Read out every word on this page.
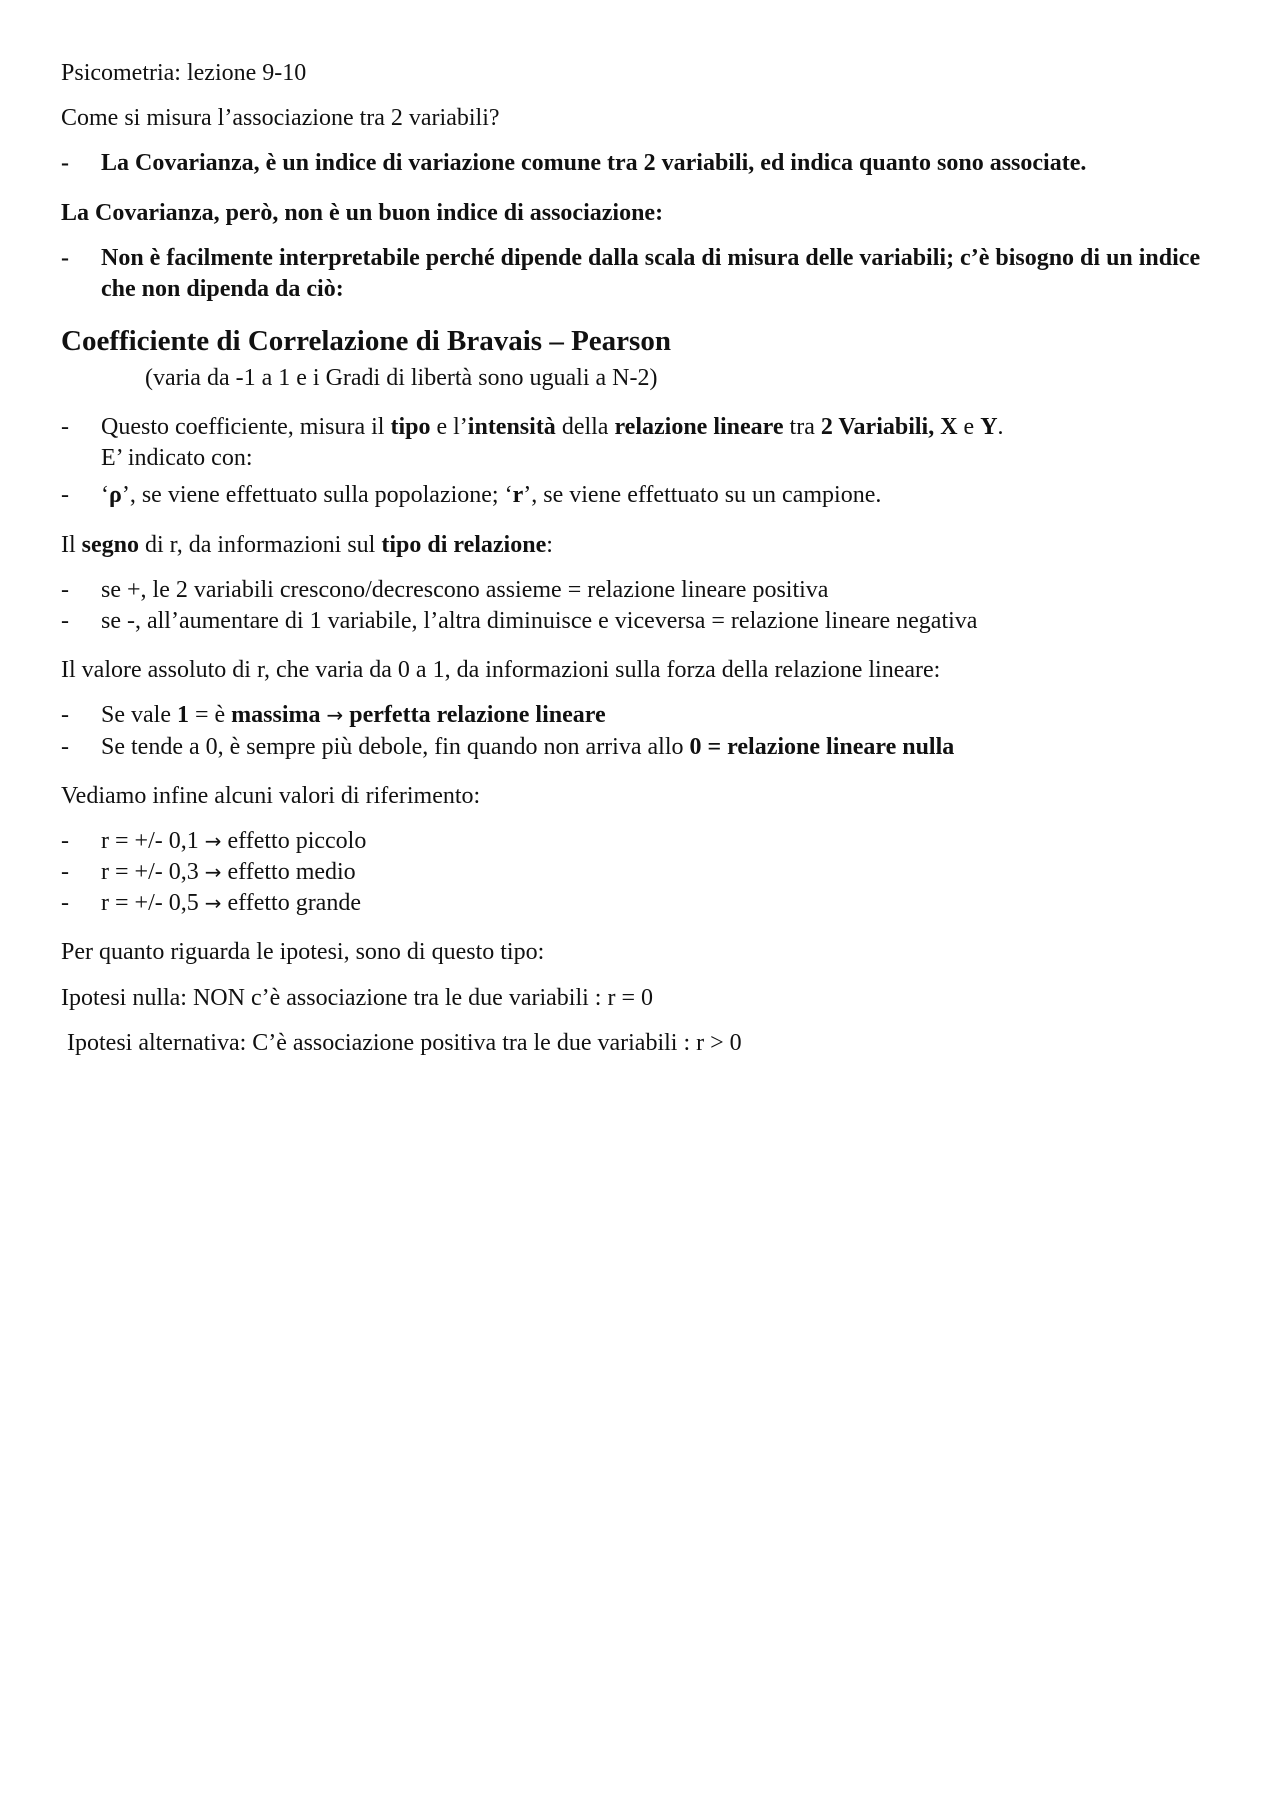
Psicometria: lezione 9-10

Come si misura l’associazione tra 2 variabili?

-	La Covarianza, è un indice di variazione comune tra 2 variabili, ed indica quanto sono associate.

La Covarianza, però, non è un buon indice di associazione:

-	Non è facilmente interpretabile perché dipende dalla scala di misura delle variabili; c’è bisogno di un indice che non dipenda da ciò:

Coefficiente di Correlazione di Bravais – Pearson

(varia da -1 a 1 e i Gradi di libertà sono uguali a N-2)

-	Questo coefficiente, misura il tipo e l’intensità della relazione lineare tra 2 Variabili, X e Y.

E’ indicato con:

-	‘ρ’, se viene effettuato sulla popolazione; ‘r’, se viene effettuato su un campione.

Il segno di r, da informazioni sul tipo di relazione:

-	se +, le 2 variabili crescono/decrescono assieme = relazione lineare positiva

-	se -, all’aumentare di 1 variabile, l’altra diminuisce e viceversa = relazione lineare negativa

Il valore assoluto di r, che varia da 0 a 1, da informazioni sulla forza della relazione lineare:

-	Se vale 1 = è massima → perfetta relazione lineare

-	Se tende a 0, è sempre più debole, fin quando non arriva allo 0 = relazione lineare nulla

Vediamo infine alcuni valori di riferimento:

-	r = +/- 0,1 → effetto piccolo

-	r = +/- 0,3 → effetto medio

-	r = +/- 0,5 → effetto grande

Per quanto riguarda le ipotesi, sono di questo tipo:

Ipotesi nulla: NON c’è associazione tra le due variabili : r = 0

Ipotesi alternativa: C’è associazione positiva tra le due variabili : r > 0
